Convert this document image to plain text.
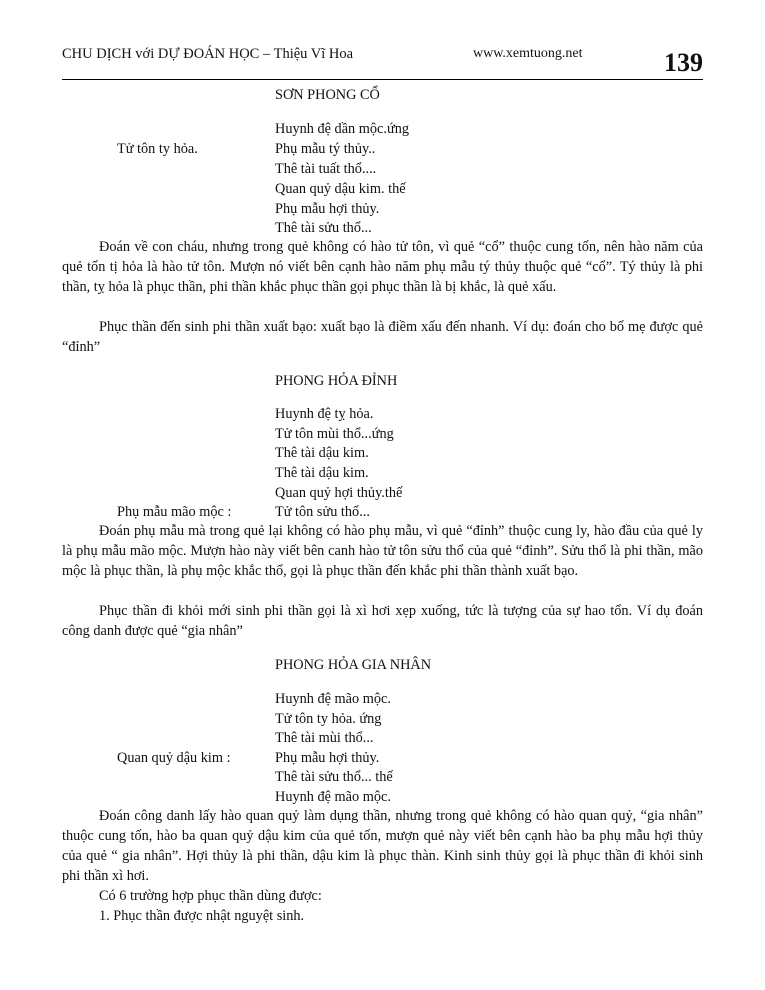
CHU DỊCH với DỰ ĐOÁN HỌC – Thiệu Vĩ Hoa	www.xemtuong.net	139
SƠN PHONG CỔ
Huynh đệ dần mộc.ứng
Tử tôn ty hỏa.	Phụ mẫu tý thủy..
Thê tài tuất thổ....
Quan quỷ dậu kim. thế
Phụ mẫu hợi thủy.
Thê tài sửu thổ...

Đoán về con cháu, nhưng trong quẻ không có hào tử tôn, vì quẻ “cổ” thuộc cung tốn, nên hào năm của quẻ tốn tị hỏa là hào tử tôn. Mượn nó viết bên cạnh hào năm phụ mẫu tý thủy thuộc quẻ “cổ”. Tý thủy là phi thần, tỵ hỏa là phục thần, phi thần khắc phục thần gọi phục thần là bị khắc, là quẻ xấu.

Phục thần đến sinh phi thần xuất bạo: xuất bạo là điềm xấu đến nhanh. Ví dụ: đoán cho bố mẹ được quẻ “đỉnh”

PHONG HỎA ĐỈNH
Huynh đệ tỵ hỏa.
Tử tôn mùi thổ...ứng
Thê tài dậu kim.
Thê tài dậu kim.
Quan quỷ hợi thủy.thế
Phụ mẫu mão mộc :	Tử tôn sửu thổ...

Đoán phụ mẫu mà trong quẻ lại không có hào phụ mẫu, vì quẻ “đỉnh” thuộc cung ly, hào đầu của quẻ ly là phụ mẫu mão mộc. Mượn hào này viết bên canh hào tử tôn sửu thổ của quẻ “đỉnh”. Sửu thổ là phi thần, mão mộc là phục thần, là phụ mộc khắc thổ, gọi là phục thần đến khắc phi thần thành xuất bạo.

Phục thần đi khỏi mới sinh phi thần gọi là xì hơi xẹp xuống, tức là tượng của sự hao tổn. Ví dụ đoán công danh được quẻ “gia nhân”

PHONG HỎA GIA NHÂN
Huynh đệ mão mộc.
Tử tôn ty hỏa. ứng
Thê tài mùi thổ...
Quan quỷ dậu kim :	Phụ mẫu hợi thủy.
Thê tài sửu thổ... thế
Huynh đệ mão mộc.

Đoán công danh lấy hào quan quỷ làm dụng thần, nhưng trong quẻ không có hào quan quỷ, “gia nhân” thuộc cung tốn, hào ba quan quỷ dậu kim của quẻ tốn, mượn quẻ này viết bên cạnh hào ba phụ mẫu hợi thủy của quẻ “ gia nhân”. Hợi thủy là phi thần, dậu kim là phục thàn. Kinh sinh thủy gọi là phục thần đi khỏi sinh phi thần xì hơi.

Có 6 trường hợp phục thần dùng được:

1. Phục thần được nhật nguyệt sinh.
